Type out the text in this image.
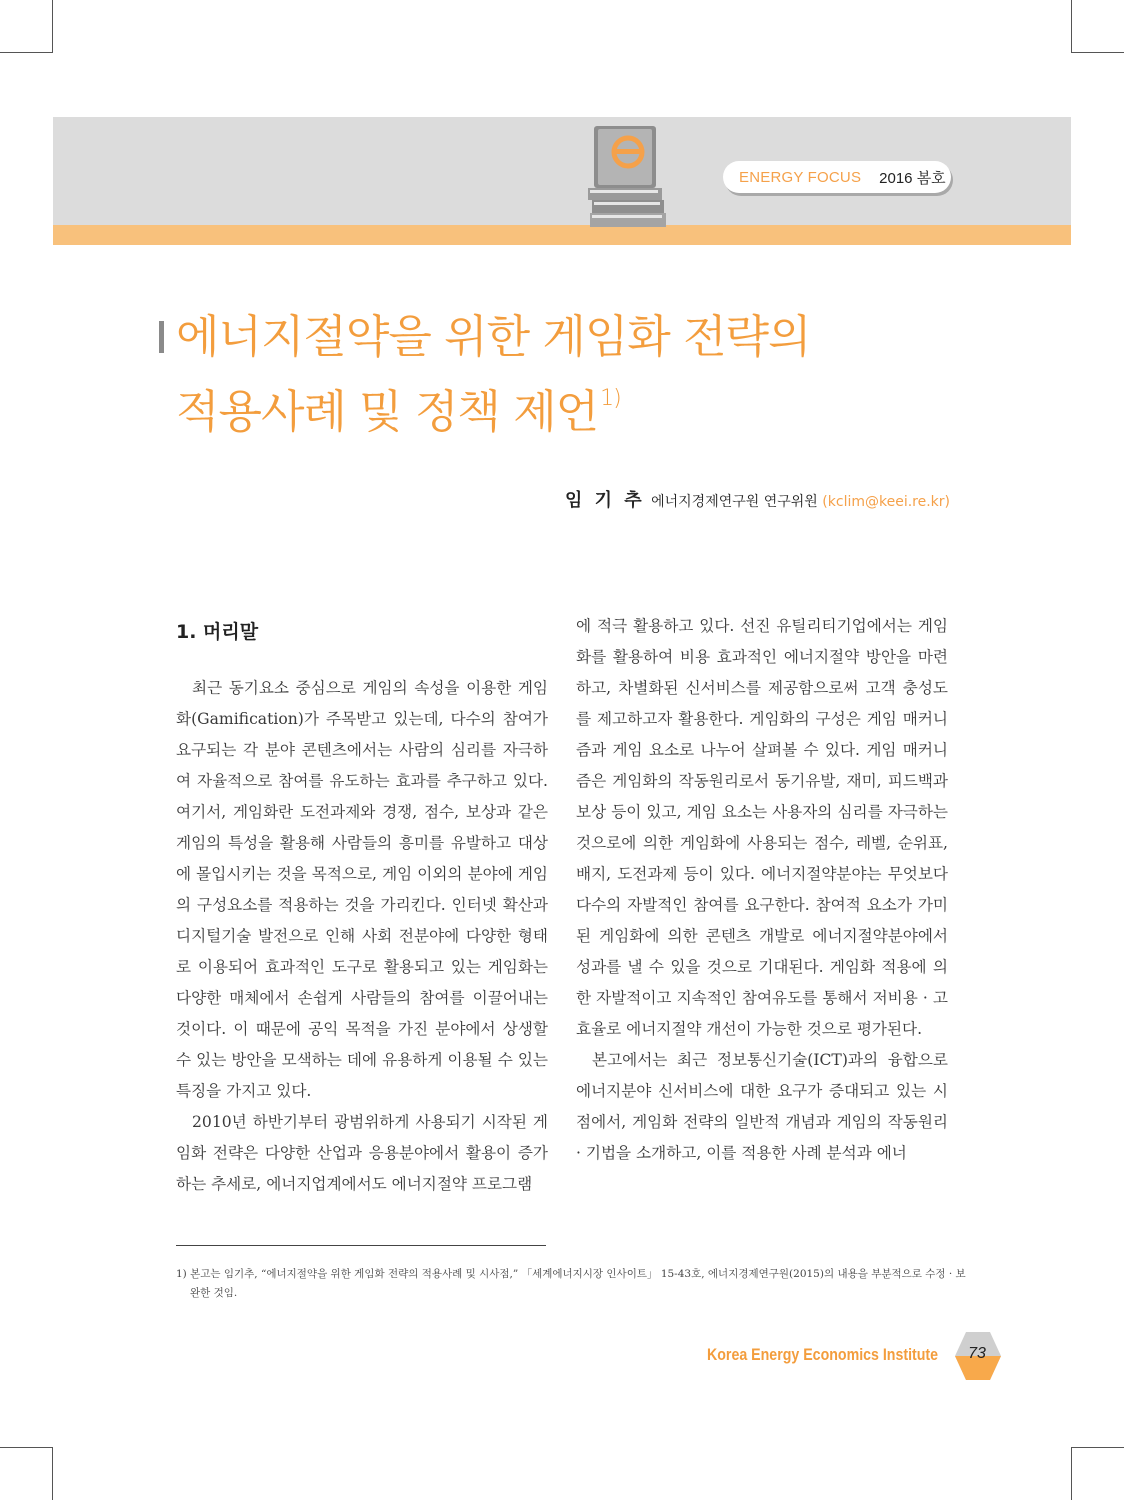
ENERGY FOCUS 2016 봄호
에너지절약을 위한 게임화 전략의
적용사례 및 정책 제언$^{1)}$
임 기 추 에너지경제연구원 연구위원 (kclim@keei.re.kr)
1. 머리말

최근 동기요소 중심으로 게임의 속성을 이용한 게임화(Gamification)가 주목받고 있는데, 다수의 참여가 요구되는 각 분야 콘텐츠에서는 사람의 심리를 자극하여 자율적으로 참여를 유도하는 효과를 추구하고 있다. 여기서, 게임화란 도전과제와 경쟁, 점수, 보상과 같은 게임의 특성을 활용해 사람들의 흥미를 유발하고 대상에 몰입시키는 것을 목적으로, 게임 이외의 분야에 게임의 구성요소를 적용하는 것을 가리킨다. 인터넷 확산과 디지털기술 발전으로 인해 사회 전분야에 다양한 형태로 이용되어 효과적인 도구로 활용되고 있는 게임화는 다양한 매체에서 손쉽게 사람들의 참여를 이끌어내는 것이다. 이 때문에 공익 목적을 가진 분야에서 상생할 수 있는 방안을 모색하는 데에 유용하게 이용될 수 있는 특징을 가지고 있다.

2010년 하반기부터 광범위하게 사용되기 시작된 게임화 전략은 다양한 산업과 응용분야에서 활용이 증가하는 추세로, 에너지업계에서도 에너지절약 프로그램

에 적극 활용하고 있다. 선진 유틸리티기업에서는 게임화를 활용하여 비용 효과적인 에너지절약 방안을 마련하고, 차별화된 신서비스를 제공함으로써 고객 충성도를 제고하고자 활용한다. 게임화의 구성은 게임 매커니즘과 게임 요소로 나누어 살펴볼 수 있다. 게임 매커니즘은 게임화의 작동원리로서 동기유발, 재미, 피드백과 보상 등이 있고, 게임 요소는 사용자의 심리를 자극하는 것으로에 의한 게임화에 사용되는 점수, 레벨, 순위표, 배지, 도전과제 등이 있다. 에너지절약분야는 무엇보다 다수의 자발적인 참여를 요구한다. 참여적 요소가 가미된 게임화에 의한 콘텐츠 개발로 에너지절약분야에서 성과를 낼 수 있을 것으로 기대된다. 게임화 적용에 의한 자발적이고 지속적인 참여유도를 통해서 저비용 · 고효율로 에너지절약 개선이 가능한 것으로 평가된다.

본고에서는 최근 정보통신기술(ICT)과의 융합으로 에너지분야 신서비스에 대한 요구가 증대되고 있는 시점에서, 게임화 전략의 일반적 개념과 게임의 작동원리 · 기법을 소개하고, 이를 적용한 사례 분석과 에너

1) 본고는 임기추, “에너지절약을 위한 게임화 전략의 적용사례 및 시사점,” 「세계에너지시장 인사이트」 15-43호, 에너지경제연구원(2015)의 내용을 부분적으로 수정 · 보완한 것임.

Korea Energy Economics Institute	73
